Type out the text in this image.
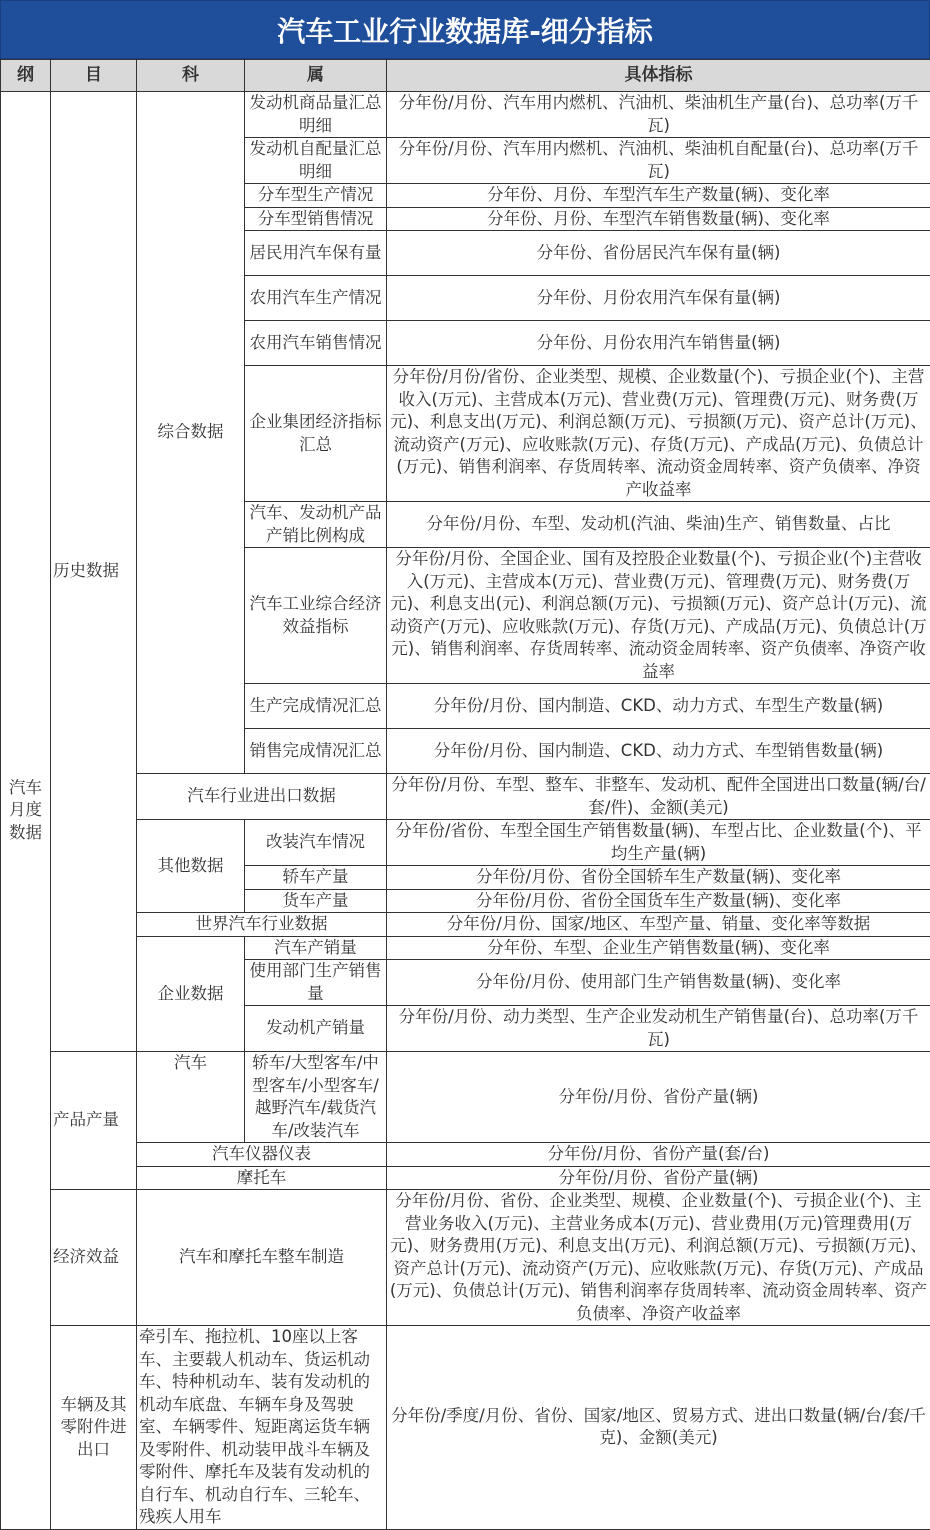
汽车工业行业数据库-细分指标
纲	目	科	属	具体指标
汽车月度数据	历史数据	综合数据	发动机商品量汇总明细	分年份/月份、汽车用内燃机、汽油机、柴油机生产量(台)、总功率(万千瓦)
			发动机自配量汇总明细	分年份/月份、汽车用内燃机、汽油机、柴油机自配量(台)、总功率(万千瓦)
			分车型生产情况	分年份、月份、车型汽车生产数量(辆)、变化率
			分车型销售情况	分年份、月份、车型汽车销售数量(辆)、变化率
			居民用汽车保有量	分年份、省份居民汽车保有量(辆)
			农用汽车生产情况	分年份、月份农用汽车保有量(辆)
			农用汽车销售情况	分年份、月份农用汽车销售量(辆)
			企业集团经济指标汇总	分年份/月份/省份、企业类型、规模、企业数量(个)、亏损企业(个)、主营收入(万元)、主营成本(万元)、营业费(万元)、管理费(万元)、财务费(万元)、利息支出(万元)、利润总额(万元)、亏损额(万元)、资产总计(万元)、流动资产(万元)、应收账款(万元)、存货(万元)、产成品(万元)、负债总计(万元)、销售利润率、存货周转率、流动资金周转率、资产负债率、净资产收益率
			汽车、发动机产品产销比例构成	分年份/月份、车型、发动机(汽油、柴油)生产、销售数量、占比
			汽车工业综合经济效益指标	分年份/月份、全国企业、国有及控股企业数量(个)、亏损企业(个)主营收入(万元)、主营成本(万元)、营业费(万元)、管理费(万元)、财务费(万元)、利息支出(元)、利润总额(万元)、亏损额(万元)、资产总计(万元)、流动资产(万元)、应收账款(万元)、存货(万元)、产成品(万元)、负债总计(万元)、销售利润率、存货周转率、流动资金周转率、资产负债率、净资产收益率
			生产完成情况汇总	分年份/月份、国内制造、CKD、动力方式、车型生产数量(辆)
			销售完成情况汇总	分年份/月份、国内制造、CKD、动力方式、车型销售数量(辆)
		汽车行业进出口数据		分年份/月份、车型、整车、非整车、发动机、配件全国进出口数量(辆/台/套/件)、金额(美元)
		其他数据	改装汽车情况	分年份/省份、车型全国生产销售数量(辆)、车型占比、企业数量(个)、平均生产量(辆)
			轿车产量	分年份/月份、省份全国轿车生产数量(辆)、变化率
			货车产量	分年份/月份、省份全国货车生产数量(辆)、变化率
		世界汽车行业数据		分年份/月份、国家/地区、车型产量、销量、变化率等数据
		企业数据	汽车产销量	分年份、车型、企业生产销售数量(辆)、变化率
			使用部门生产销售量	分年份/月份、使用部门生产销售数量(辆)、变化率
			发动机产销量	分年份/月份、动力类型、生产企业发动机生产销售量(台)、总功率(万千瓦)
	产品产量	汽车	轿车/大型客车/中型客车/小型客车/越野汽车/载货汽车/改装汽车	分年份/月份、省份产量(辆)
		汽车仪器仪表		分年份/月份、省份产量(套/台)
		摩托车		分年份/月份、省份产量(辆)
	经济效益	汽车和摩托车整车制造		分年份/月份、省份、企业类型、规模、企业数量(个)、亏损企业(个)、主营业务收入(万元)、主营业务成本(万元)、营业费用(万元)管理费用(万元)、财务费用(万元)、利息支出(万元)、利润总额(万元)、亏损额(万元)、资产总计(万元)、流动资产(万元)、应收账款(万元)、存货(万元)、产成品(万元)、负债总计(万元)、销售利润率存货周转率、流动资金周转率、资产负债率、净资产收益率
	车辆及其零附件进出口	牵引车、拖拉机、10座以上客车、主要载人机动车、货运机动车、特种机动车、装有发动机的机动车底盘、车辆车身及驾驶室、车辆零件、短距离运货车辆及零附件、机动装甲战斗车辆及零附件、摩托车及装有发动机的自行车、机动自行车、三轮车、残疾人用车		分年份/季度/月份、省份、国家/地区、贸易方式、进出口数量(辆/台/套/千克)、金额(美元)
